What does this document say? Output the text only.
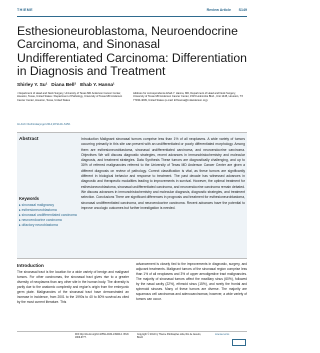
THIEME	Review Article S149
Esthesioneuroblastoma, Neuroendocrine Carcinoma, and Sinonasal Undifferentiated Carcinoma: Differentiation in Diagnosis and Treatment
Shirley Y. Su¹   Diana Bell²   Ehab Y. Hanna¹
¹ Department of Head and Neck Surgery, University of Texas MD Anderson Cancer Center, Houston, Texas, United States ² Department of Pathology, University of Texas MD Anderson Cancer Center, Houston, Texas, United States
Address for correspondence Ehab Y. Hanna, MD, Department of Head and Neck Surgery, University of Texas MD Anderson Cancer Center, 1515 Holcombe Blvd., Unit 1445, Houston, TX 77030-4009, United States (e-mail: EYHanna@mdanderson.org).
Int Arch Otorhinolaryngol 2014;18:S149–S156.
Abstract	Introduction Malignant sinonasal tumors comprise less than 1% of all neoplasms. A wide variety of tumors occurring primarily in this site can present with an undifferentiated or poorly differentiated morphology. Among them are esthesioneuroblastoma, sinonasal undifferentiated carcinoma, and neuroendocrine carcinoma. Objectives We will discuss diagnostic strategies, recent advances in immunohistochemistry and molecular diagnosis, and treatment strategies. Data Synthesis These tumors are diagnostically challenging, and up to 30% of referred malignancies referred to the University of Texas MD Anderson Cancer Center are given a different diagnosis on review of pathology. Correct classification is vital, as these tumors are significantly different in biological behavior and response to treatment. The past decade has witnessed advances in diagnostic and therapeutic modalities leading to improvements in survival. However, the optimal treatment for esthesioneuroblastoma, sinonasal undifferentiated carcinoma, and neuroendocrine carcinoma remain debated. We discuss advances in immunohistochemistry and molecular diagnosis, diagnostic strategies, and treatment selection. Conclusions There are significant differences in prognosis and treatment for esthesioneuroblastoma, sinonasal undifferentiated carcinoma, and neuroendocrine carcinoma. Recent advances have the potential to improve oncologic outcomes but further investigation is needed.
Keywords
▸ sinonasal malignancy
▸ esthesioneuroblastoma
▸ sinonasal undifferentiated carcinoma
▸ neuroendocrine carcinoma
▸ olfactory neuroblastoma
Introduction
The sinonasal tract is the location for a wide variety of benign and malignant tumors. For other carcinomas, the sinonasal tract gives rise to a greater diversity of neoplasms than any other site in the human body. The diversity is partly due to the anatomic complexity and region's origin from the embryonic germ plate. Malignancies of the sinonasal tract have demonstrated an increase in incidence, from 2001 to the 1990s to 40 to 80% survival as cited by the most current literature. This
advancement is closely tied to the improvements in diagnostic, surgery, and adjuvant treatments. Malignant tumors of the sinonasal region comprise less than 1% of all neoplasms and 3% of upper aerodigestive tract malignancies. The majority of sinonasal tumors affect the maxillary sinus (60%), followed by the nasal cavity (22%), ethmoid sinus (15%), and rarely the frontal and sphenoid sinuses. Many of these tumors are diverse. The majority are squamous cell carcinomas and adenocarcinomas; however, a wide variety of tumors can occur.
DOI http://dx.doi.org/10.1055/s-0034-1390014. ISSN 1809-9777.
Copyright © 2014 by Thieme Publicações Ltda, Rio de Janeiro, Brazil
License terms
